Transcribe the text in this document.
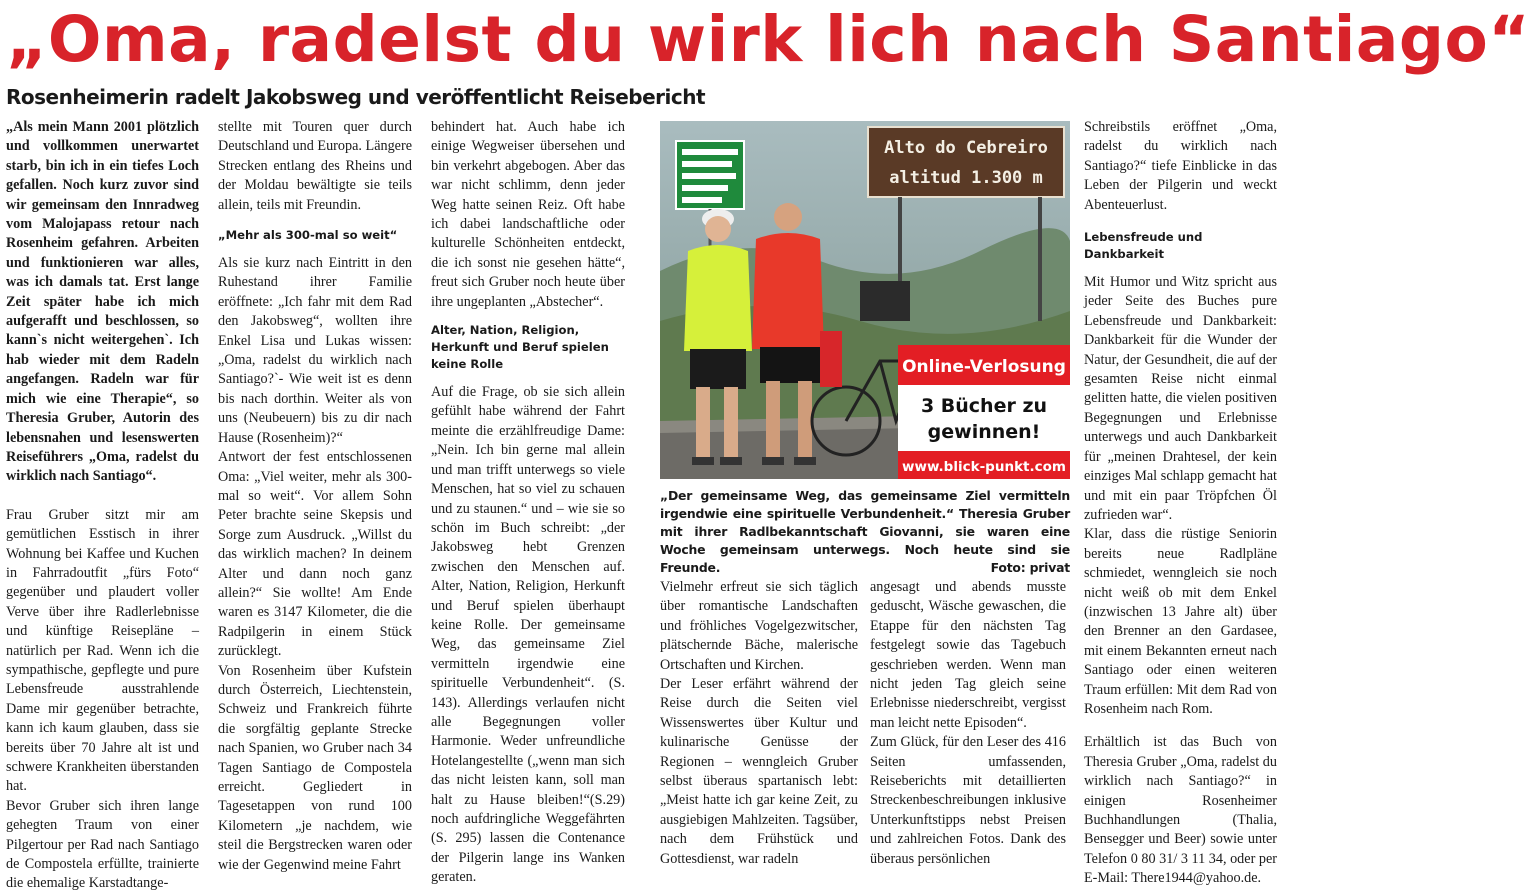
„Oma, radelst du wirk lich nach Santiago“
Rosenheimerin radelt Jakobsweg und veröffentlicht Reisebericht

„Als mein Mann 2001 plötzlich und vollkommen unerwartet starb, bin ich in ein tiefes Loch gefallen. Noch kurz zuvor sind wir gemeinsam den Innradweg vom Malojapass retour nach Rosenheim gefahren. Arbeiten und funktionieren war alles, was ich damals tat. Erst lange Zeit später habe ich mich aufgerafft und beschlossen, so kann`s nicht weitergehen`. Ich hab wieder mit dem Radeln angefangen. Radeln war für mich wie eine Therapie“, so Theresia Gruber, Autorin des lebensnahen und lesenswerten Reiseführers „Oma, radelst du wirklich nach Santiago“.

Frau Gruber sitzt mir am gemütlichen Esstisch in ihrer Wohnung bei Kaffee und Kuchen in Fahrradoutfit „fürs Foto“ gegenüber und plaudert voller Verve über ihre Radlerlebnisse und künftige Reisepläne – natürlich per Rad. Wenn ich die sympathische, gepflegte und pure Lebensfreude ausstrahlende Dame mir gegenüber betrachte, kann ich kaum glauben, dass sie bereits über 70 Jahre alt ist und schwere Krankheiten überstanden hat.

Bevor Gruber sich ihren lange gehegten Traum von einer Pilgertour per Rad nach Santiago de Compostela erfüllte, trainierte die ehemalige Karstadtange-

stellte mit Touren quer durch Deutschland und Europa. Längere Strecken entlang des Rheins und der Moldau bewältigte sie teils allein, teils mit Freundin.

„Mehr als 300-mal so weit“

Als sie kurz nach Eintritt in den Ruhestand ihrer Familie eröffnete: „Ich fahr mit dem Rad den Jakobsweg“, wollten ihre Enkel Lisa und Lukas wissen: „Oma, radelst du wirklich nach Santiago?`- Wie weit ist es denn bis nach dorthin. Weiter als von uns (Neubeuern) bis zu dir nach Hause (Rosenheim)?“

Antwort der fest entschlossenen Oma: „Viel weiter, mehr als 300-mal so weit“. Vor allem Sohn Peter brachte seine Skepsis und Sorge zum Ausdruck. „Willst du das wirklich machen? In deinem Alter und dann noch ganz allein?“ Sie wollte! Am Ende waren es 3147 Kilometer, die die Radpilgerin in einem Stück zurücklegt.

Von Rosenheim über Kufstein durch Österreich, Liechtenstein, Schweiz und Frankreich führte die sorgfältig geplante Strecke nach Spanien, wo Gruber nach 34 Tagen Santiago de Compostela erreicht. Gegliedert in Tagesetappen von rund 100 Kilometern „je nachdem, wie steil die Bergstrecken waren oder wie der Gegenwind meine Fahrt

behindert hat. Auch habe ich einige Wegweiser übersehen und bin verkehrt abgebogen. Aber das war nicht schlimm, denn jeder Weg hatte seinen Reiz. Oft habe ich dabei landschaftliche oder kulturelle Schönheiten entdeckt, die ich sonst nie gesehen hätte“, freut sich Gruber noch heute über ihre ungeplanten „Abstecher“.

Alter, Nation, Religion, Herkunft und Beruf spielen keine Rolle

Auf die Frage, ob sie sich allein gefühlt habe während der Fahrt meinte die erzählfreudige Dame: „Nein. Ich bin gerne mal allein und man trifft unterwegs so viele Menschen, hat so viel zu schauen und zu staunen.“ und – wie sie so schön im Buch schreibt: „der Jakobsweg hebt Grenzen zwischen den Menschen auf. Alter, Nation, Religion, Herkunft und Beruf spielen überhaupt keine Rolle. Der gemeinsame Weg, das gemeinsame Ziel vermitteln irgendwie eine spirituelle Verbundenheit“. (S. 143). Allerdings verlaufen nicht alle Begegnungen voller Harmonie. Weder unfreundliche Hotelangestellte („wenn man sich das nicht leisten kann, soll man halt zu Hause bleiben!“(S.29) noch aufdringliche Weggefährten (S. 295) lassen die Contenance der Pilgerin lange ins Wanken geraten.

Alto do Cebreiro
altitud 1.300 m
Online-Verlosung
3 Bücher zu
gewinnen!
www.blick-punkt.com
„Der gemeinsame Weg, das gemeinsame Ziel vermitteln irgendwie eine spirituelle Verbundenheit.“ Theresia Gruber mit ihrer Radlbekanntschaft Giovanni, sie waren eine Woche gemeinsam unterwegs. Noch heute sind sie Freunde.	Foto: privat

Vielmehr erfreut sie sich täglich über romantische Landschaften und fröhliches Vogelgezwitscher, plätschernde Bäche, malerische Ortschaften und Kirchen.

Der Leser erfährt während der Reise durch die Seiten viel Wissenswertes über Kultur und kulinarische Genüsse der Regionen – wenngleich Gruber selbst überaus spartanisch lebt: „Meist hatte ich gar keine Zeit, zu ausgiebigen Mahlzeiten. Tagsüber, nach dem Frühstück und Gottesdienst, war radeln

angesagt und abends musste geduscht, Wäsche gewaschen, die Etappe für den nächsten Tag festgelegt sowie das Tagebuch geschrieben werden. Wenn man nicht jeden Tag gleich seine Erlebnisse niederschreibt, vergisst man leicht nette Episoden“.

Zum Glück, für den Leser des 416 Seiten umfassenden, Reiseberichts mit detaillierten Streckenbeschreibungen inklusive Unterkunftstipps nebst Preisen und zahlreichen Fotos. Dank des überaus persönlichen

Schreibstils eröffnet „Oma, radelst du wirklich nach Santiago?“ tiefe Einblicke in das Leben der Pilgerin und weckt Abenteuerlust.

Lebensfreude und Dankbarkeit

Mit Humor und Witz spricht aus jeder Seite des Buches pure Lebensfreude und Dankbarkeit: Dankbarkeit für die Wunder der Natur, der Gesundheit, die auf der gesamten Reise nicht einmal gelitten hatte, die vielen positiven Begegnungen und Erlebnisse unterwegs und auch Dankbarkeit für „meinen Drahtesel, der kein einziges Mal schlapp gemacht hat und mit ein paar Tröpfchen Öl zufrieden war“.

Klar, dass die rüstige Seniorin bereits neue Radlpläne schmiedet, wenngleich sie noch nicht weiß ob mit dem Enkel (inzwischen 13 Jahre alt) über den Brenner an den Gardasee, mit einem Bekannten erneut nach Santiago oder einen weiteren Traum erfüllen: Mit dem Rad von Rosenheim nach Rom.

Erhältlich ist das Buch von Theresia Gruber „Oma, radelst du wirklich nach Santiago?“ in einigen Rosenheimer Buchhandlungen (Thalia, Bensegger und Beer) sowie unter Telefon 0 80 31/ 3 11 34, oder per E-Mail: There1944@yahoo.de.
